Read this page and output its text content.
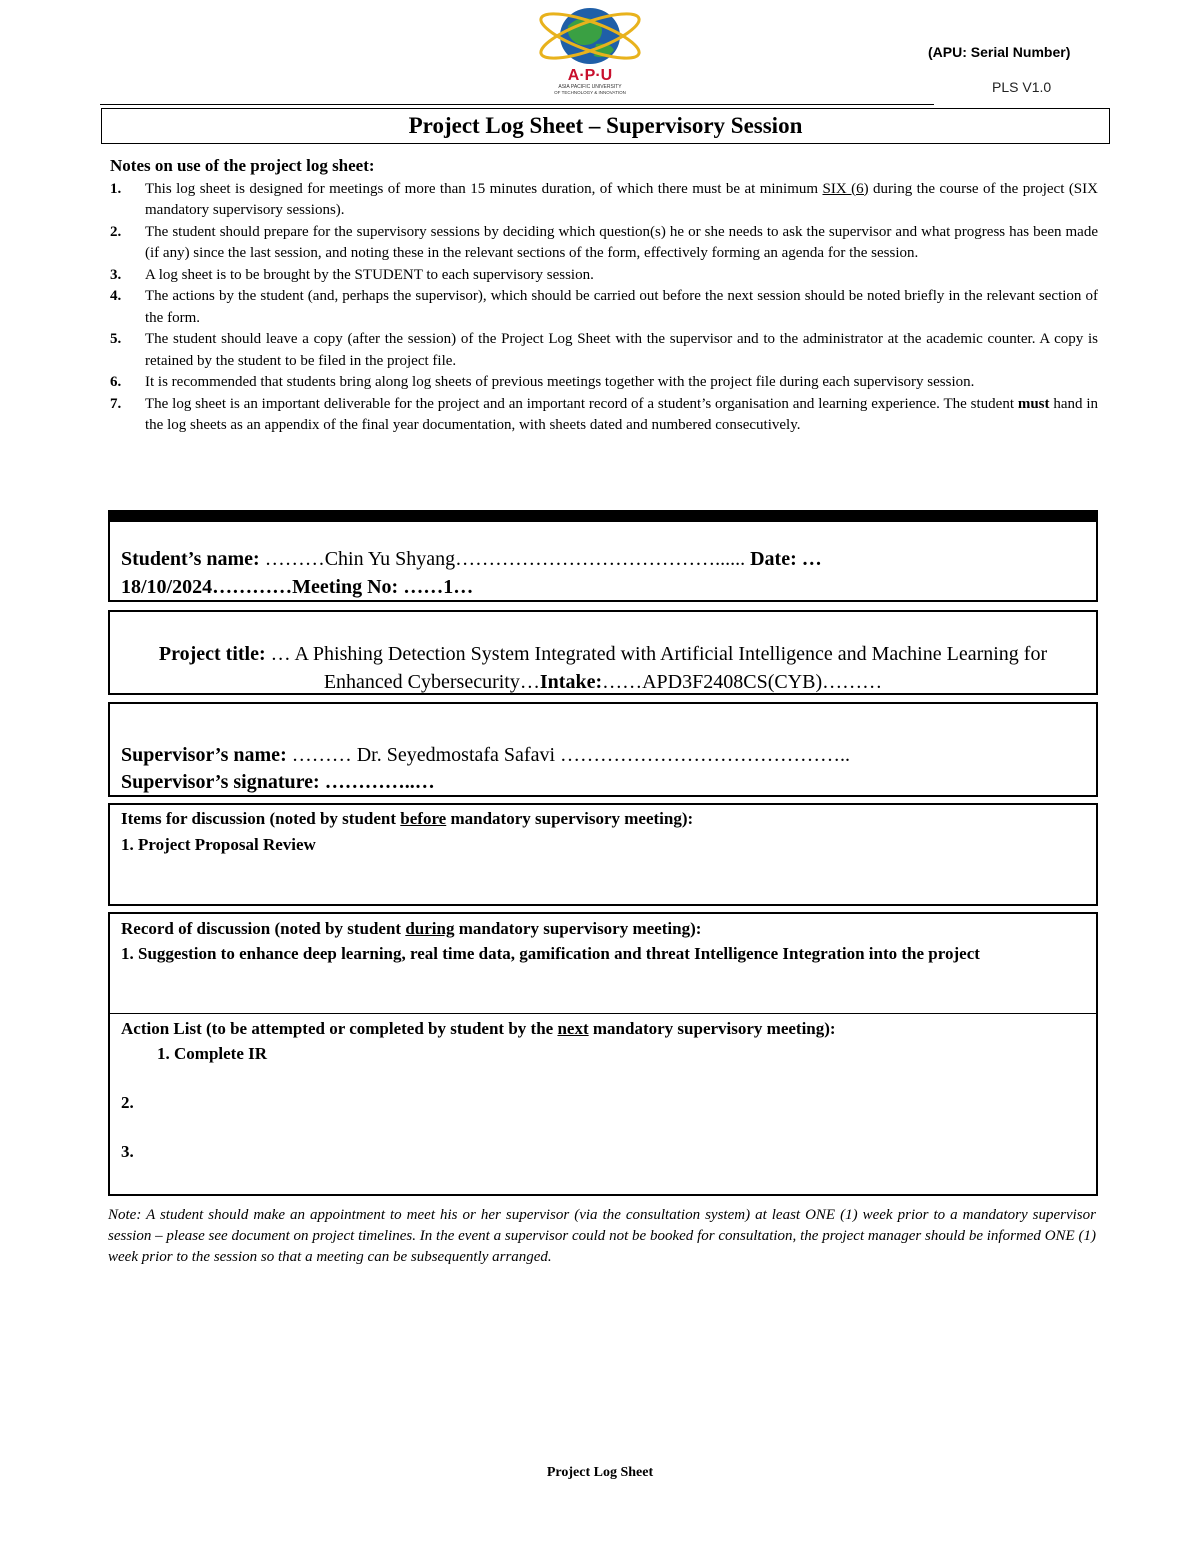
A·P·U
ASIA PACIFIC UNIVERSITY
OF TECHNOLOGY & INNOVATION
(APU: Serial Number)
PLS V1.0
Project Log Sheet – Supervisory Session
Notes on use of the project log sheet:
1.	This log sheet is designed for meetings of more than 15 minutes duration, of which there must be at minimum SIX (6) during the course of the project (SIX mandatory supervisory sessions).
2.	The student should prepare for the supervisory sessions by deciding which question(s) he or she needs to ask the supervisor and what progress has been made (if any) since the last session, and noting these in the relevant sections of the form, effectively forming an agenda for the session.
3.	A log sheet is to be brought by the STUDENT to each supervisory session.
4.	The actions by the student (and, perhaps the supervisor), which should be carried out before the next session should be noted briefly in the relevant section of the form.
5.	The student should leave a copy (after the session) of the Project Log Sheet with the supervisor and to the administrator at the academic counter. A copy is retained by the student to be filed in the project file.
6.	It is recommended that students bring along log sheets of previous meetings together with the project file during each supervisory session.
7.	The log sheet is an important deliverable for the project and an important record of a student’s organisation and learning experience. The student must hand in the log sheets as an appendix of the final year documentation, with sheets dated and numbered consecutively.
Student’s name: ………Chin Yu Shyang…………………………………...... Date: …
18/10/2024…………Meeting No: ……1…
Project title: … A Phishing Detection System Integrated with Artificial Intelligence and Machine Learning for Enhanced Cybersecurity…Intake:……APD3F2408CS(CYB)………
Supervisor’s name: ……… Dr. Seyedmostafa Safavi ……………………………………..
Supervisor’s signature: …………..…
Items for discussion (noted by student before mandatory supervisory meeting):
1. Project Proposal Review
Record of discussion (noted by student during mandatory supervisory meeting):
1. Suggestion to enhance deep learning, real time data, gamification and threat Intelligence Integration into the project
Action List (to be attempted or completed by student by the next mandatory supervisory meeting):
1. Complete IR
2.
3.
Note: A student should make an appointment to meet his or her supervisor (via the consultation system) at least ONE (1) week prior to a mandatory supervisor session – please see document on project timelines. In the event a supervisor could not be booked for consultation, the project manager should be informed ONE (1) week prior to the session so that a meeting can be subsequently arranged.
Project Log Sheet
